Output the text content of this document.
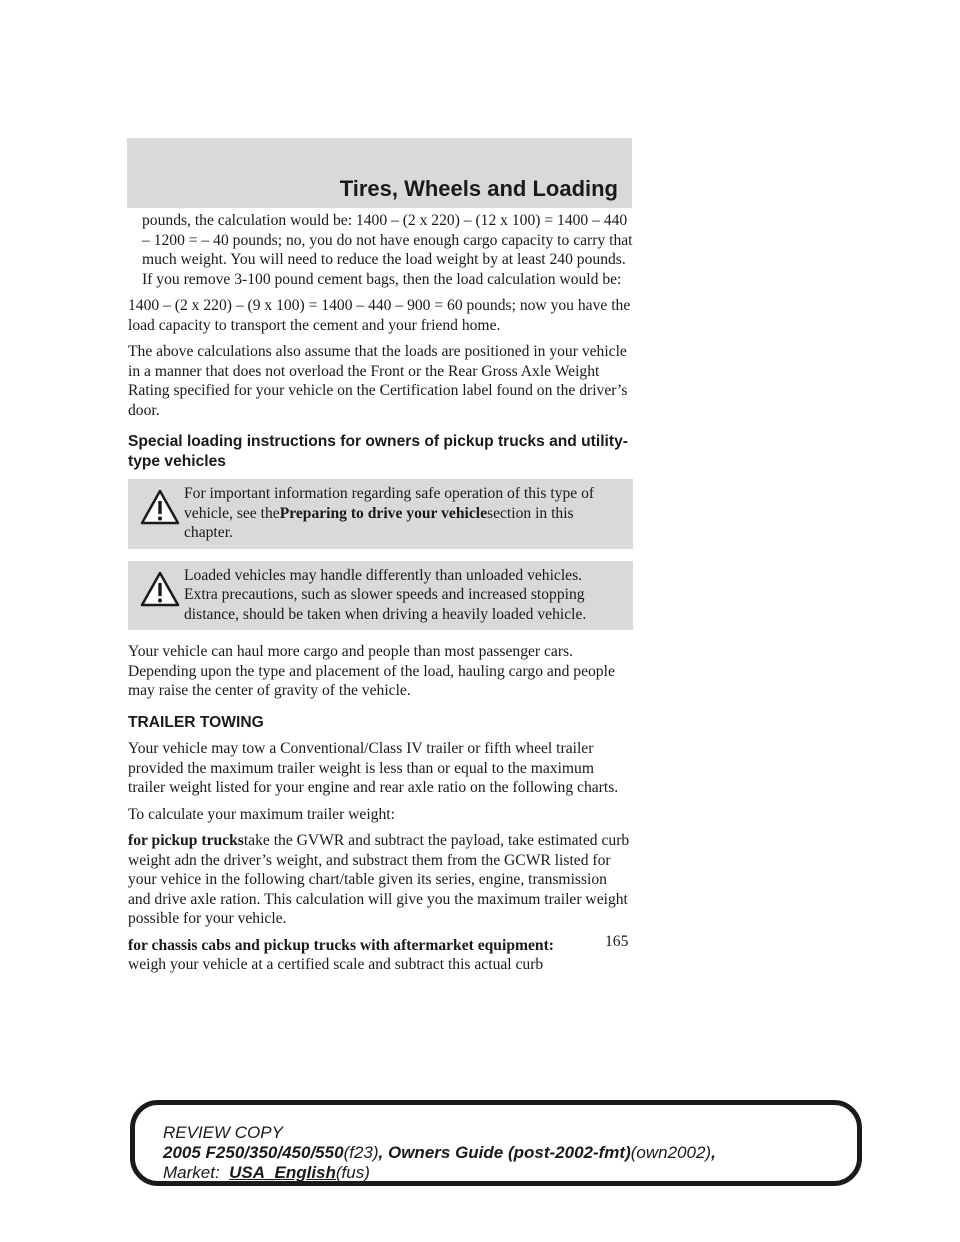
Tires, Wheels and Loading

pounds, the calculation would be: 1400 – (2 x 220) – (12 x 100) = 1400 – 440 – 1200 = – 40 pounds; no, you do not have enough cargo capacity to carry that much weight. You will need to reduce the load weight by at least 240 pounds. If you remove 3-100 pound cement bags, then the load calculation would be:

1400 – (2 x 220) – (9 x 100) = 1400 – 440 – 900 = 60 pounds; now you have the load capacity to transport the cement and your friend home.

The above calculations also assume that the loads are positioned in your vehicle in a manner that does not overload the Front or the Rear Gross Axle Weight Rating specified for your vehicle on the Certification label found on the driver’s door.

Special loading instructions for owners of pickup trucks and utility-type vehicles
For important information regarding safe operation of this type of vehicle, see thePreparing to drive your vehiclesection in this chapter.
Loaded vehicles may handle differently than unloaded vehicles. Extra precautions, such as slower speeds and increased stopping distance, should be taken when driving a heavily loaded vehicle.

Your vehicle can haul more cargo and people than most passenger cars. Depending upon the type and placement of the load, hauling cargo and people may raise the center of gravity of the vehicle.

TRAILER TOWING

Your vehicle may tow a Conventional/Class IV trailer or fifth wheel trailer provided the maximum trailer weight is less than or equal to the maximum trailer weight listed for your engine and rear axle ratio on the following charts.

To calculate your maximum trailer weight:

for pickup truckstake the GVWR and subtract the payload, take estimated curb weight adn the driver’s weight, and substract them from the GCWR listed for your vehice in the following chart/table given its series, engine, transmission and drive axle ration. This calculation will give you the maximum trailer weight possible for your vehicle.

for chassis cabs and pickup trucks with aftermarket equipment:
weigh your vehicle at a certified scale and subtract this actual curb

165
REVIEW COPY
2005 F250/350/450/550(f23), Owners Guide (post-2002-fmt)(own2002),
Market: USA_English(fus)
